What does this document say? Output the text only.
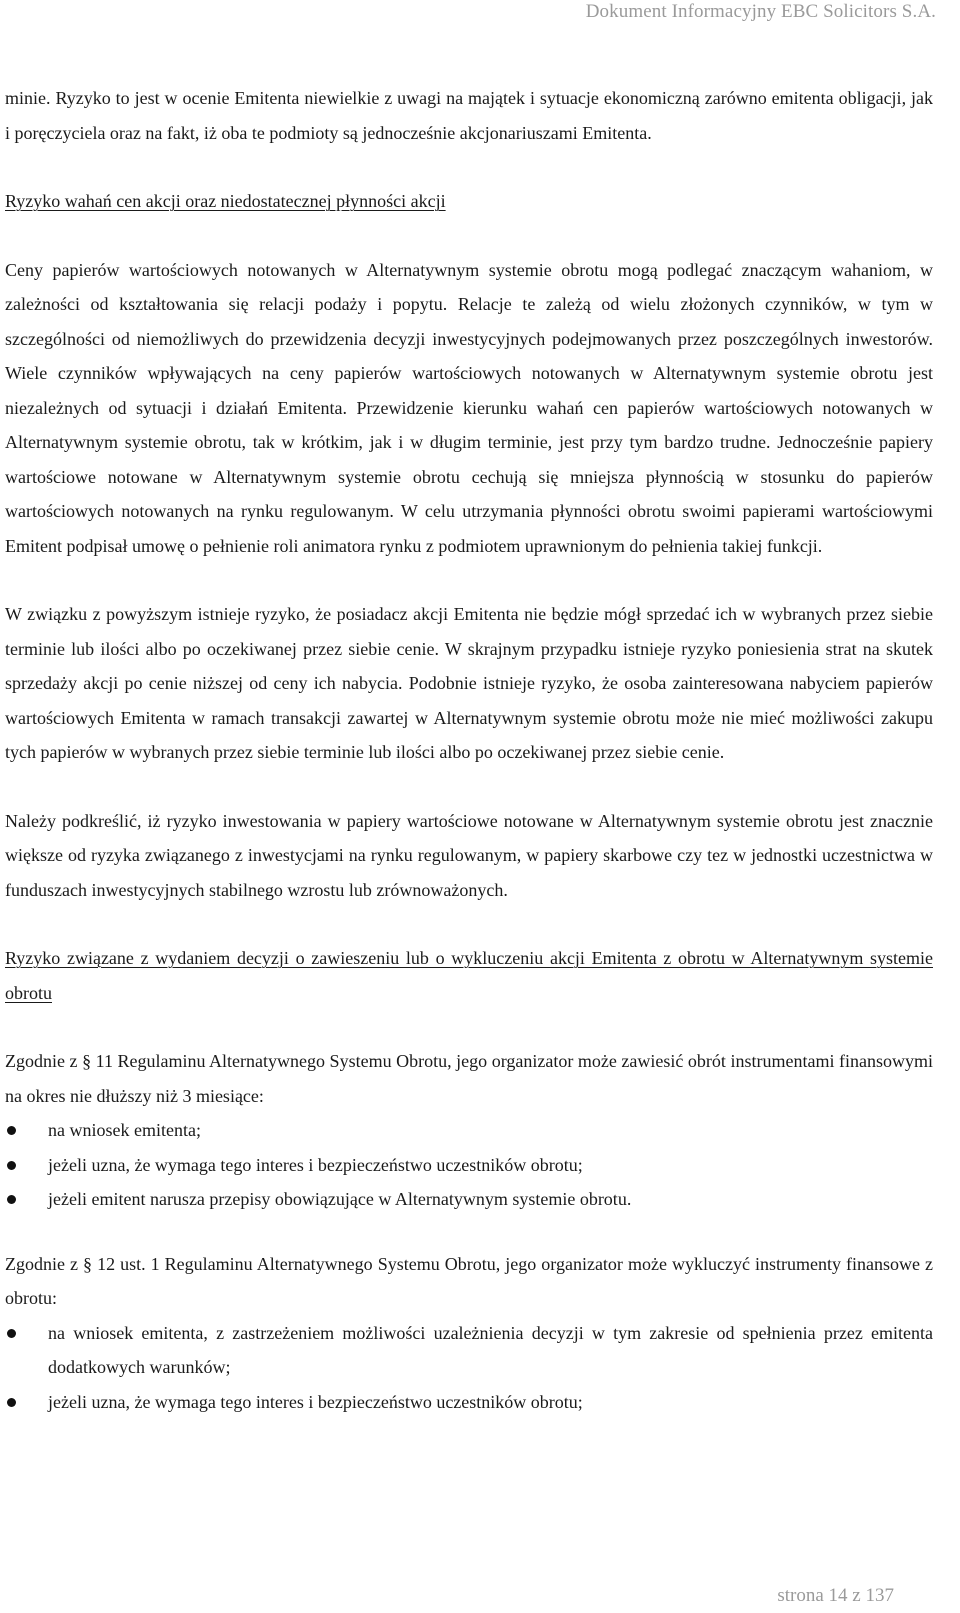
Dokument Informacyjny EBC Solicitors S.A.

minie. Ryzyko to jest w ocenie Emitenta niewielkie z uwagi na majątek i sytuacje ekonomiczną zarówno emitenta obligacji, jak i poręczyciela oraz na fakt, iż oba te podmioty są jednocześnie akcjonariuszami Emitenta.

Ryzyko wahań cen akcji oraz niedostatecznej płynności akcji

Ceny papierów wartościowych notowanych w Alternatywnym systemie obrotu mogą podlegać znaczącym wahaniom, w zależności od kształtowania się relacji podaży i popytu. Relacje te zależą od wielu złożonych czynników, w tym w szczególności od niemożliwych do przewidzenia decyzji inwestycyjnych podejmowanych przez poszczególnych inwestorów. Wiele czynników wpływających na ceny papierów wartościowych notowanych w Alternatywnym systemie obrotu jest niezależnych od sytuacji i działań Emitenta. Przewidzenie kierunku wahań cen papierów wartościowych notowanych w Alternatywnym systemie obrotu, tak w krótkim, jak i w długim terminie, jest przy tym bardzo trudne. Jednocześnie papiery wartościowe notowane w Alternatywnym systemie obrotu cechują się mniejsza płynnością w stosunku do papierów wartościowych notowanych na rynku regulowanym. W celu utrzymania płynności obrotu swoimi papierami wartościowymi Emitent podpisał umowę o pełnienie roli animatora rynku z podmiotem uprawnionym do pełnienia takiej funkcji.

W związku z powyższym istnieje ryzyko, że posiadacz akcji Emitenta nie będzie mógł sprzedać ich w wybranych przez siebie terminie lub ilości albo po oczekiwanej przez siebie cenie. W skrajnym przypadku istnieje ryzyko poniesienia strat na skutek sprzedaży akcji po cenie niższej od ceny ich nabycia. Podobnie istnieje ryzyko, że osoba zainteresowana nabyciem papierów wartościowych Emitenta w ramach transakcji zawartej w Alternatywnym systemie obrotu może nie mieć możliwości zakupu tych papierów w wybranych przez siebie terminie lub ilości albo po oczekiwanej przez siebie cenie.

Należy podkreślić, iż ryzyko inwestowania w papiery wartościowe notowane w Alternatywnym systemie obrotu jest znacznie większe od ryzyka związanego z inwestycjami na rynku regulowanym, w papiery skarbowe czy tez w jednostki uczestnictwa w funduszach inwestycyjnych stabilnego wzrostu lub zrównoważonych.

Ryzyko związane z wydaniem decyzji o zawieszeniu lub o wykluczeniu akcji Emitenta z obrotu w Alternatywnym systemie obrotu

Zgodnie z § 11 Regulaminu Alternatywnego Systemu Obrotu, jego organizator może zawiesić obrót instrumentami finansowymi na okres nie dłuższy niż 3 miesiące:

na wniosek emitenta;
jeżeli uzna, że wymaga tego interes i bezpieczeństwo uczestników obrotu;
jeżeli emitent narusza przepisy obowiązujące w Alternatywnym systemie obrotu.

Zgodnie z § 12 ust. 1 Regulaminu Alternatywnego Systemu Obrotu, jego organizator może wykluczyć instrumenty finansowe z obrotu:

na wniosek emitenta, z zastrzeżeniem możliwości uzależnienia decyzji w tym zakresie od spełnienia przez emitenta dodatkowych warunków;
jeżeli uzna, że wymaga tego interes i bezpieczeństwo uczestników obrotu;
strona 14 z 137
